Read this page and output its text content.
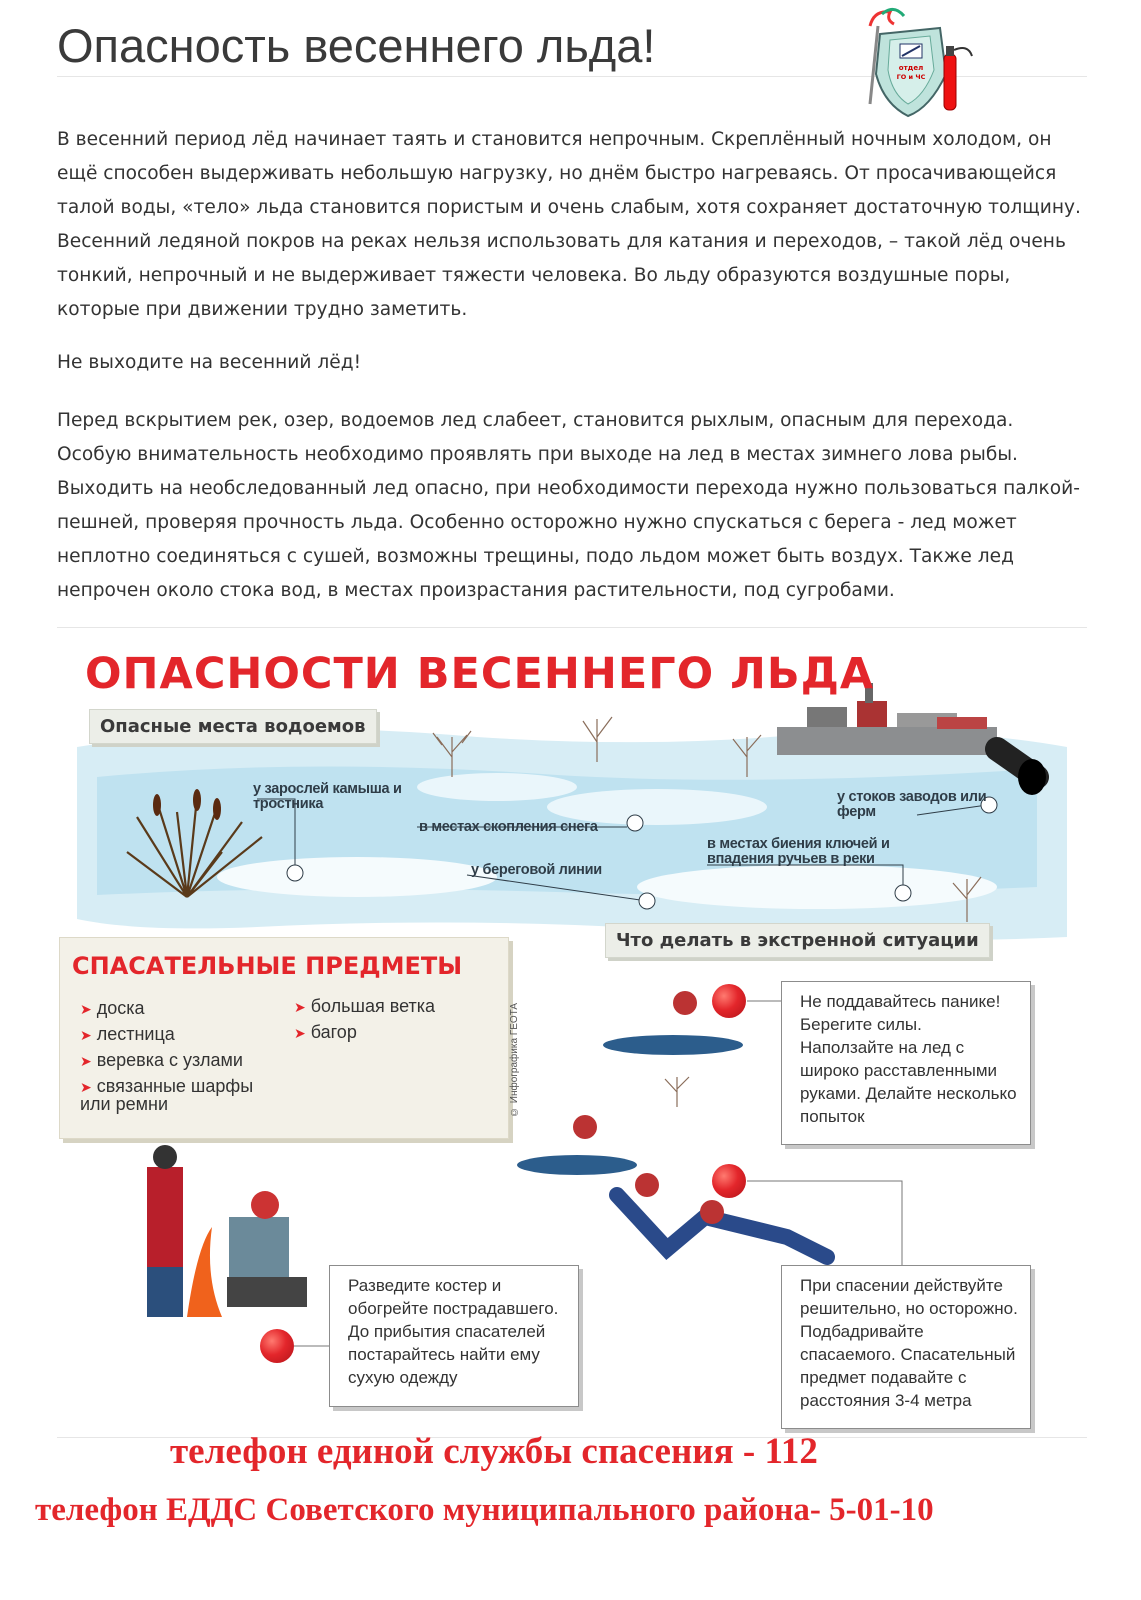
Опасность весеннего льда!	отдел
ГО и ЧС

В весенний период лёд начинает таять и становится непрочным. Скреплённый ночным холодом, он ещё способен выдерживать небольшую нагрузку, но днём быстро нагреваясь. От просачивающейся талой воды, «тело» льда становится пористым и очень слабым, хотя сохраняет достаточную толщину. Весенний ледяной покров на реках нельзя использовать для катания и переходов, – такой лёд очень тонкий, непрочный и не выдерживает тяжести человека. Во льду образуются воздушные поры, которые при движении трудно заметить.

Не выходите на весенний лёд!

Перед вскрытием рек, озер, водоемов лед слабеет, становится рыхлым, опасным для перехода. Особую внимательность необходимо проявлять при выходе на лед в местах зимнего лова рыбы. Выходить на необследованный лед опасно, при необходимости перехода нужно пользоваться палкой-пешней, проверяя прочность льда. Особенно осторожно нужно спускаться с берега - лед может неплотно соединяться с сушей, возможны трещины, подо льдом может быть воздух. Также лед непрочен около стока вод, в местах произрастания растительности, под сугробами.

ОПАСНОСТИ ВЕСЕННЕГО ЛЬДА
Опасные места водоемов
у зарослей камыша и тростника
в местах скопления снега
у береговой линии
у стоков заводов или ферм
в местах биения ключей и впадения ручьев в реки
Что делать в экстренной ситуации
СПАСАТЕЛЬНЫЕ ПРЕДМЕТЫ
➤ доска
➤ лестница
➤ веревка с узлами
➤ связанные шарфы или ремни
➤ большая ветка
➤ багор	© Инфографика ГЕОТА
Не поддавайтесь панике! Берегите силы. Наползайте на лед с широко расставленными руками. Делайте несколько попыток
Разведите костер и обогрейте пострадавшего. До прибытия спасателей постарайтесь найти ему сухую одежду
При спасении действуйте решительно, но осторожно. Подбадривайте спасаемого. Спасательный предмет подавайте с расстояния 3-4 метра

телефон единой службы спасения - 112

телефон ЕДДС Советского муниципального района- 5-01-10
